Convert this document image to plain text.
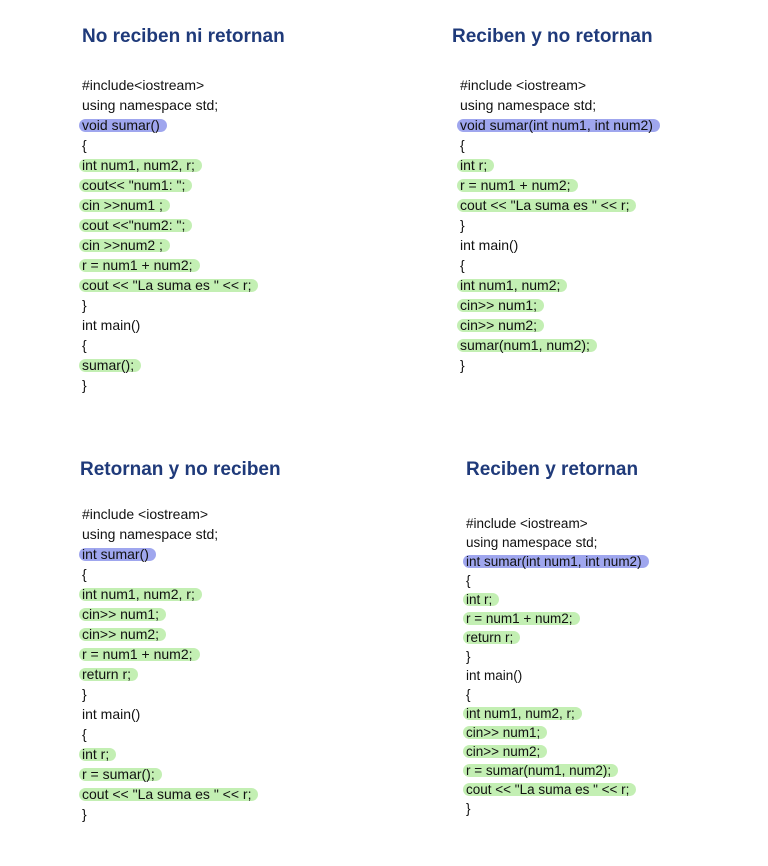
No reciben ni retornan
#include<iostream>
using namespace std;
void sumar()
{
int num1, num2, r;
cout<< "num1: ";
cin >>num1 ;
cout <<"num2: ";
cin >>num2 ;
r = num1 + num2;
cout << "La suma es " << r;
}
int main()
{
sumar();
}
Reciben y no retornan
#include <iostream>
using namespace std;
void sumar(int num1, int num2)
{
int r;
r = num1 + num2;
cout << "La suma es " << r;
}
int main()
{
int num1, num2;
cin>> num1;
cin>> num2;
sumar(num1, num2);
}
Retornan y no reciben
#include <iostream>
using namespace std;
int sumar()
{
int num1, num2, r;
cin>> num1;
cin>> num2;
r = num1 + num2;
return r;
}
int main()
{
int r;
r = sumar();
cout << "La suma es " << r;
}
Reciben y retornan
#include <iostream>
using namespace std;
int sumar(int num1, int num2)
{
int r;
r = num1 + num2;
return r;
}
int main()
{
int num1, num2, r;
cin>> num1;
cin>> num2;
r = sumar(num1, num2);
cout << "La suma es " << r;
}
